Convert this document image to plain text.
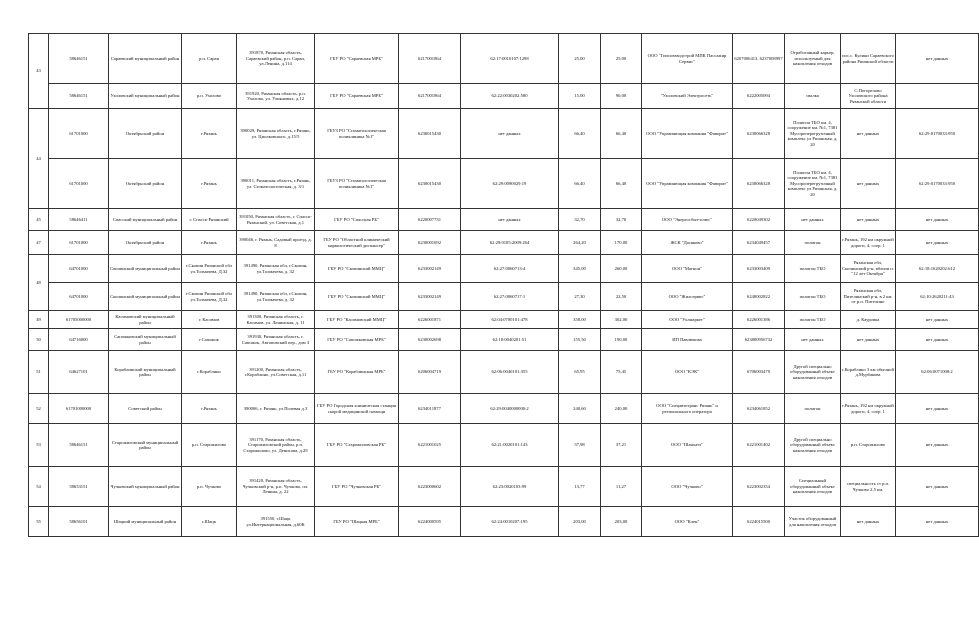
43	58646151	Сараевский муниципальный район	р.п. Сараи	391870, Рязанская область, Сараевский район, р.п. Сараи, ул.Ленина, д.114	ГБУ РО "Сараевская МРБ"	6217001864	62:17:0010107:1298	25,00	25,00	ООО "Гипсовзводстрой МПК Пассажир Сервис"	6207006413, 6237008997	Отработанный карьер, используемый для накопления отходов	пос.с. Кулики Сараевского района Рязанской области	нет данных
	58646151	Ухоловский муниципальный район	р.п. Ухолово	391920, Рязанская область, р.п. Ухолово, ул. Ульяновых, д.12	ГБУ РО "Сараевская МРБ"	6217001864	62:22:0030202:580	15,00	90,00	"Ухоловский Электросеть"	6222005094	свалка	С.Погорелово Ухоловского района Рязанской области	
44	61701000	Октябрьский район	г.Рязань	390029, Рязанская область, г.Рязань, ул. Циолковского, д.15/5	ГБУЗ РО "Стоматологическая поликлиника №1"	6230015430	нет данных	66,40	66,40	ООО "Управляющая компания "Фаворит"	6230066328	Полигон ТБО км. 4, сооружение км. №1, 7381 Мусороперегрузочный комплекс ул Рязанская, д. 20	нет данных	62:29:0170033:950
	61701000	Октябрьский район	г.Рязань	390011, Рязанская область, г.Рязань, ул. Стоматологическая, д. 3/1	ГБУЗ РО "Стоматологическая поликлиника №1"	6230015430	62:29:0090029:19	66,40	66,40	ООО "Управляющая компания "Фаворит"	6230066328	Полигон ТБО км. 4, сооружение км. №1, 7381 Мусороперегрузочный комплекс ул Рязанская, д. 20	нет данных	62:29:0170033:950
45	58646411	Спасский муниципальный район	г. Спасск-Рязанский	391050, Рязанская область, г. Спасск-Рязанский, ул. Советская, д.1	ГБУ РО "Спасская РБ"	6220007731	нет данных	32,70	32,70	ООО "Энергосбыт-плюс"	6220049302	нет данных	нет данных	нет данных
47	61701000	Октябрьский район	г.Рязань	390046, г. Рязань, Садовый проезд, д. 8	ГБУ РО "Областной клинический наркологический диспансер"	6230001692	62:29:0105:2009:264	264,20	170,00	ЖСК "Дасяково"	6234049457	полигон	г.Рязань, 192 км окружной дороги, 4, соор. 1	нет данных
48	64701000	Скопинский муниципальный район	г.Скопин Рязанской обл ул.Толмачева, Д.32	391490, Рязанская обл, г.Скопин, ул.Толмачева, д. 32	ГБУ РО "Скопинский ММЦ"	6233002149	62:27:0060713:4	345,00	260,00	ООО "Магнон"	6233003409	полигон ТБО	Рязанская обл, Скопинский р-н, вблизи п. "12 лет Октября"	62:18:1620202:612
	64701000	Скопинский муниципальный район	г.Скопин Рязанской обл ул.Толмачева, Д.32	391490, Рязанская обл, г.Скопин, ул.Толмачева, д. 32	ГБУ РО "Скопинский ММЦ"	6233002149	62:27:0060717:1	27,30	22,50	ООО "Жилсервис"	6240002822	полигон ТБО	Рязанская обл, Пителинский р-н, в 2 км. от р.п. Пителино	62:10:2620211:43
49	61705000000	Касимовский муниципальный район	г. Касимов	391300, Рязанская область, г. Касимов, ул. Ленинская, д. 11	ГБУ РО "Касимовский ММЦ"	6226001871	62:04:0700101:478	358,00	302,00	ООО "Ухлмаркет"	6226001386	полигон ТБО	д. Кауровка	нет данных
50	64716000	Сапожковский муниципальный район	г.Сапожок	391930, Рязанская область, г. Сапожок, Авгаповский пер., дом 3	ГБУ РО "Сапожковская МРБ"	6230002698	62:18:0040201:51	155,50	190,00	ИП Павлюкова	623800956732	нет данных	нет данных	нет данных
51	64627101	Кораблинский муниципальный район	г.Кораблино	391200, Рязанская область, г.Кораблино, ул.Советская, д.11	ГБУ РО "Кораблинская МРБ"	6206004719	62:06:0040101:355	65,95	75,45	ООО "КЭК"	6706003479	Другой специально оборудованный объект накопления отходов	г.Кораблино 3 км обычной д.Мурбакова	62:06:0071008:2
52	61701000000	Советский район	г.Рязань	390006, г. Рязань, ул.Полевая д.3	ГБУ РО Городская клиническая станция скорой медицинской помощи	6234011877	62:29:0040000000:2	240,60	240,00	ООО "Спецавтотранс Рязань" и регионального оператора	6234061852	полигон	г.Рязань, 192 км окружной дороги, 4, соор. 1	нет данных
53	58646151	Старожиловский муниципальный район	р.п. Старожилово	391170, Рязанская область, Старожиловский район, р.п. Старожилово, ул. Денисова, д.29	ГБУ РО "Старожиловская РБ"	6221001025	62:21:0020101:143	37,98	37,21	ООО "Шанхатэ"	6221001402	Другой специально оборудованный объект накопления отходов	р.п. Старожилово	нет данных
54	58653151	Чучковский муниципальный район	р.п. Чучково	391420, Рязанская область, Чучковский р-н, р.п. Чучково, пл. Ленина, д. 22	ГБУ РО "Чучковская РБ"	6223000602	62:23:0020103:99	13,77	11,27	ООО "Чучково"	6223002354	Специальный оборудованный объект накопления отходов	специальность ст р.п. Чучково 2,5 км.	нет данных
55	58656101	Шацкий муниципальный район	г.Шацк	391550, г.Шацк ул.Интернациональная, д.60К	ГБУ РО "Шацкая МРБ"	6224000595	62:24:0010207:195	203,00	203,00	ООО "Клен"	6224015500	Участок оборудованный для накопления отходов	нет данных	нет данных
